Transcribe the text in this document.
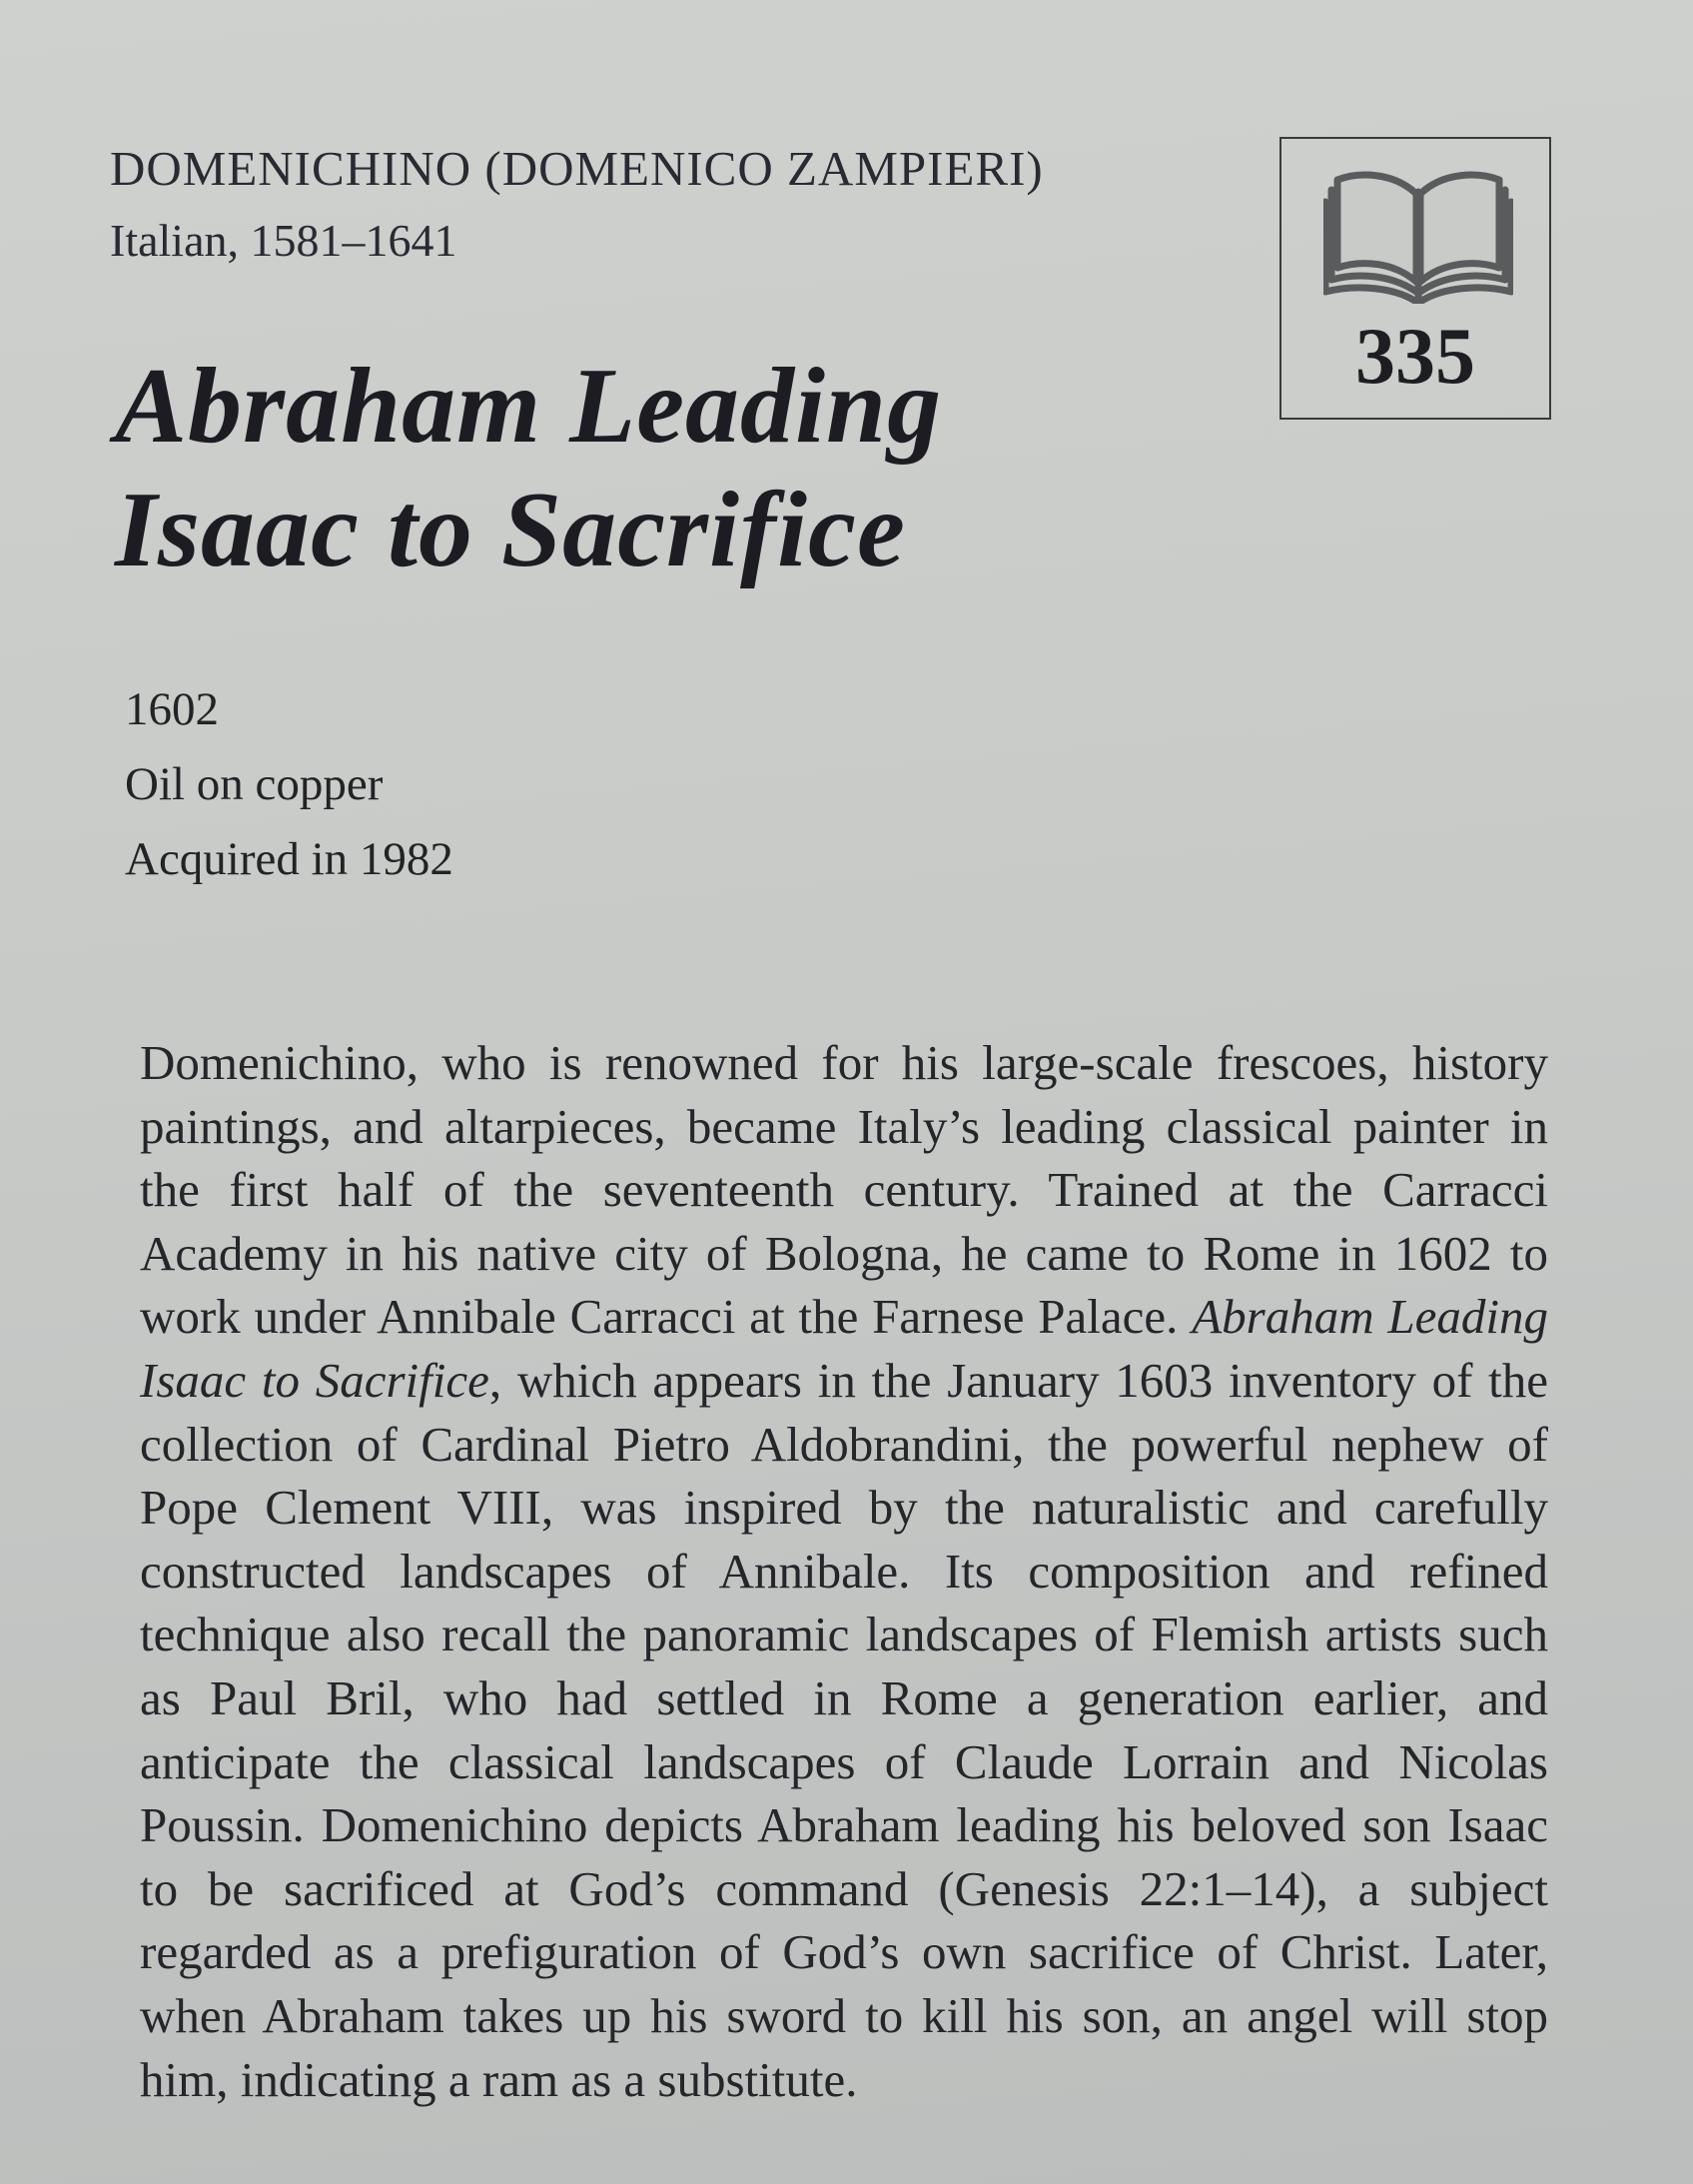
DOMENICHINO (DOMENICO ZAMPIERI)

Italian, 1581–1641

335
Abraham Leading
Isaac to Sacrifice
1602
Oil on copper
Acquired in 1982

Domenichino, who is renowned for his large-scale frescoes, history paintings, and altarpieces, became Italy’s leading classical painter in the first half of the seventeenth century. Trained at the Carracci Academy in his native city of Bologna, he came to Rome in 1602 to work under Annibale Carracci at the Farnese Palace. Abraham Leading Isaac to Sacrifice, which appears in the January 1603 inventory of the collection of Cardinal Pietro Aldobrandini, the powerful nephew of Pope Clement VIII, was inspired by the naturalistic and carefully constructed landscapes of Annibale. Its composition and refined technique also recall the panoramic landscapes of Flemish artists such as Paul Bril, who had settled in Rome a generation earlier, and anticipate the classical landscapes of Claude Lorrain and Nicolas Poussin. Domenichino depicts Abraham leading his beloved son Isaac to be sacrificed at God’s command (Genesis 22:1–14), a subject regarded as a prefiguration of God’s own sacrifice of Christ. Later, when Abraham takes up his sword to kill his son, an angel will stop him, indicating a ram as a substitute.
